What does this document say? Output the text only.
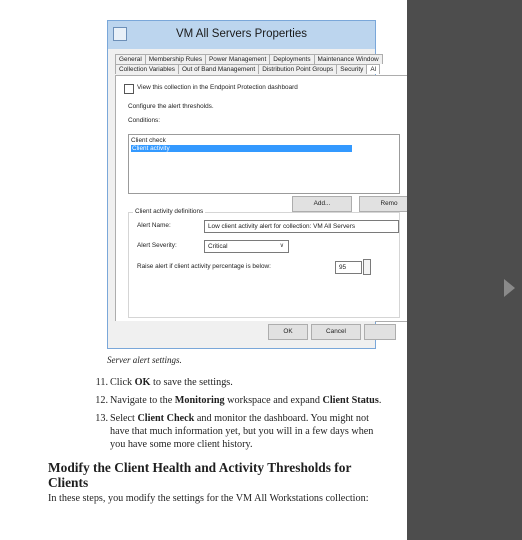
VM All Servers Properties
General Membership Rules Power Management Deployments Maintenance Window
Collection Variables Out of Band Management Distribution Point Groups Security Al
View this collection in the Endpoint Protection dashboard
Configure the alert thresholds.
Conditions:
Client check
Client activity
Add...	Remo
Client activity definitions
Alert Name:	Low client activity alert for collection: VM All Servers
Alert Severity:	Critical	∨
Raise alert if client activity percentage is below:	95
OK	Cancel
Server alert settings.
11. Click OK to save the settings.
12. Navigate to the Monitoring workspace and expand Client Status.
13. Select Client Check and monitor the dashboard. You might not have that much information yet, but you will in a few days when you have some more client history.
Modify the Client Health and Activity Thresholds for Clients
In these steps, you modify the settings for the VM All Workstations collection:
